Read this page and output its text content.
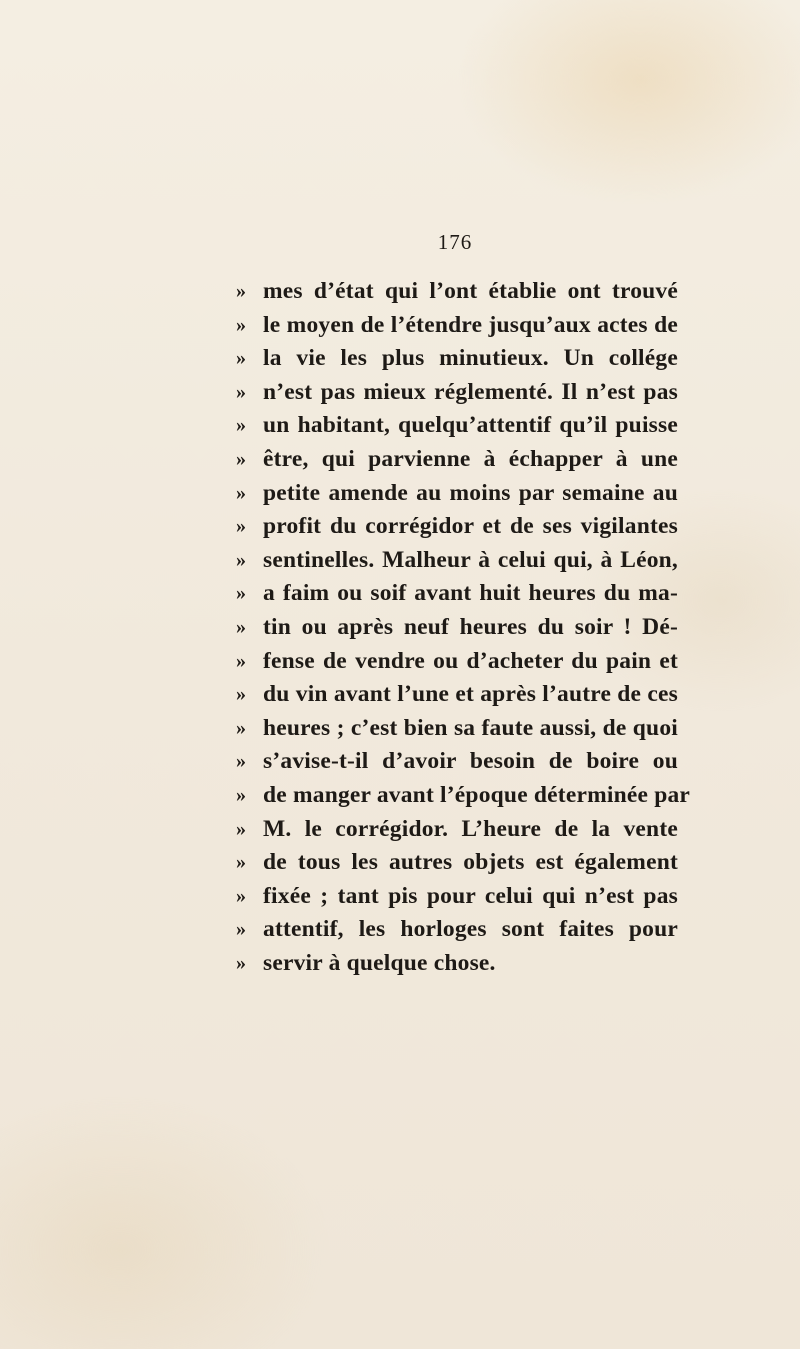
176

» mes d’état qui l’ont établie ont trouvé
» le moyen de l’étendre jusqu’aux actes de
» la vie les plus minutieux. Un collége
» n’est pas mieux réglementé. Il n’est pas
» un habitant, quelqu’attentif qu’il puisse
» être, qui parvienne à échapper à une
» petite amende au moins par semaine au
» profit du corrégidor et de ses vigilantes
» sentinelles. Malheur à celui qui, à Léon,
» a faim ou soif avant huit heures du ma-
» tin ou après neuf heures du soir ! Dé-
» fense de vendre ou d’acheter du pain et
» du vin avant l’une et après l’autre de ces
» heures ; c’est bien sa faute aussi, de quoi
» s’avise-t-il d’avoir besoin de boire ou
» de manger avant l’époque déterminée par
» M. le corrégidor. L’heure de la vente
» de tous les autres objets est également
» fixée ; tant pis pour celui qui n’est pas
» attentif, les horloges sont faites pour
» servir à quelque chose.
